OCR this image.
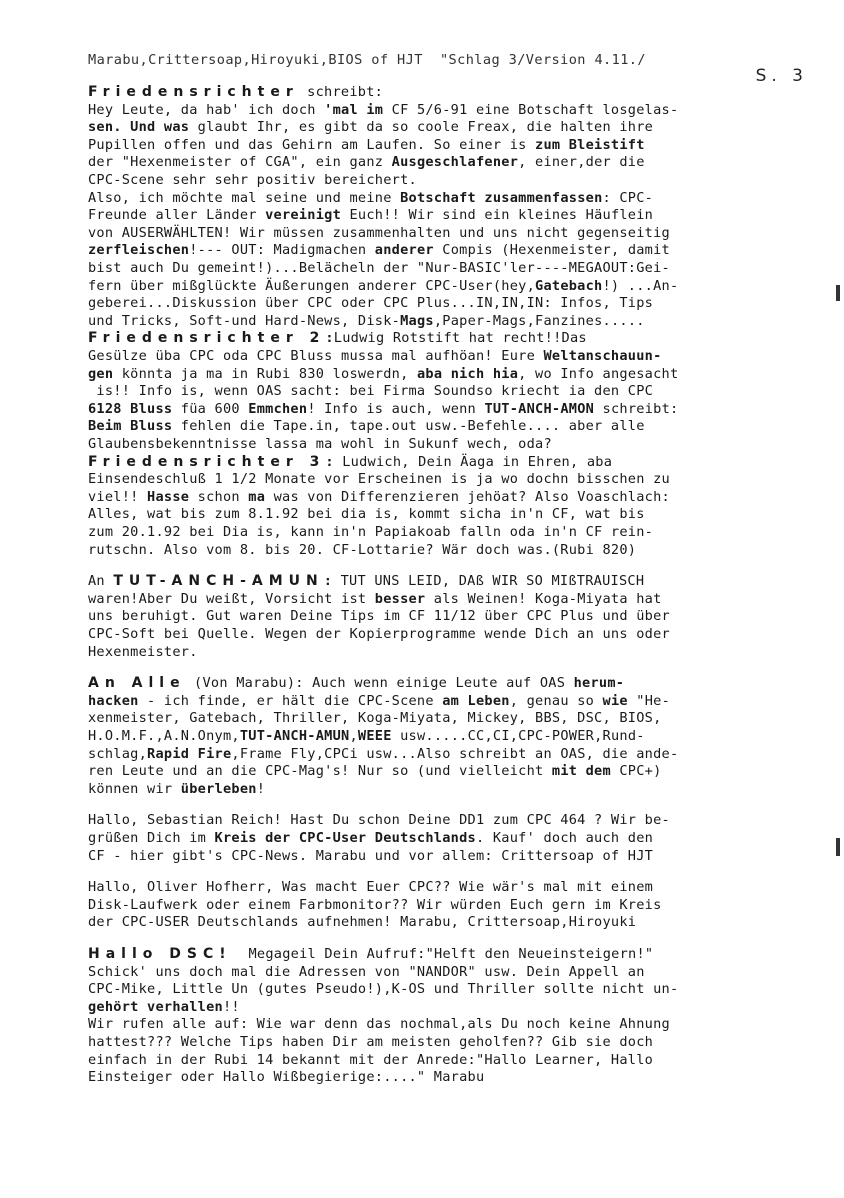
Marabu,Crittersoap,Hiroyuki,BIOS of HJT  "Schlag 3/Version 4.11./
S. 3
Friedensrichter schreibt:
Hey Leute, da hab' ich doch 'mal im CF 5/6-91 eine Botschaft losgelas-
sen. Und was glaubt Ihr, es gibt da so coole Freax, die halten ihre
Pupillen offen und das Gehirn am Laufen. So einer is zum Bleistift
der "Hexenmeister of CGA", ein ganz Ausgeschlafener, einer,der die
CPC-Scene sehr sehr positiv bereichert.
Also, ich möchte mal seine und meine Botschaft zusammenfassen: CPC-
Freunde aller Länder vereinigt Euch!! Wir sind ein kleines Häuflein
von AUSERWÄHLTEN! Wir müssen zusammenhalten und uns nicht gegenseitig
zerfleischen!--- OUT: Madigmachen anderer Compis (Hexenmeister, damit
bist auch Du gemeint!)...Belächeln der "Nur-BASIC'ler----MEGAOUT:Gei-
fern über mißglückte Äußerungen anderer CPC-User(hey,Gatebach!) ...An-
geberei...Diskussion über CPC oder CPC Plus...IN,IN,IN: Infos, Tips
und Tricks, Soft-und Hard-News, Disk-Mags,Paper-Mags,Fanzines.....
Friedensrichter 2:Ludwig Rotstift hat recht!!Das
Gesülze üba CPC oda CPC Bluss mussa mal aufhöan! Eure Weltanschauun-
gen könnta ja ma in Rubi 830 loswerdn, aba nich hia, wo Info angesacht
is!! Info is, wenn OAS sacht: bei Firma Soundso kriecht ia den CPC
6128 Bluss füa 600 Emmchen! Info is auch, wenn TUT-ANCH-AMON schreibt:
Beim Bluss fehlen die Tape.in, tape.out usw.-Befehle.... aber alle
Glaubensbekenntnisse lassa ma wohl in Sukunf wech, oda?
Friedensrichter 3: Ludwich, Dein Äaga in Ehren, aba
Einsendeschluß 1 1/2 Monate vor Erscheinen is ja wo dochn bisschen zu
viel!! Hasse schon ma was von Differenzieren jehöat? Also Voaschlach:
Alles, wat bis zum 8.1.92 bei dia is, kommt sicha in'n CF, wat bis
zum 20.1.92 bei Dia is, kann in'n Papiakoab falln oda in'n CF rein-
rutschn. Also vom 8. bis 20. CF-Lottarie? Wär doch was.(Rubi 820)
An TUT-ANCH-AMUN: TUT UNS LEID, DAß WIR SO MIßTRAUISCH
waren!Aber Du weißt, Vorsicht ist besser als Weinen! Koga-Miyata hat
uns beruhigt. Gut waren Deine Tips im CF 11/12 über CPC Plus und über
CPC-Soft bei Quelle. Wegen der Kopierprogramme wende Dich an uns oder
Hexenmeister.
An Alle (Von Marabu): Auch wenn einige Leute auf OAS herum-
hacken - ich finde, er hält die CPC-Scene am Leben, genau so wie "He-
xenmeister, Gatebach, Thriller, Koga-Miyata, Mickey, BBS, DSC, BIOS,
H.O.M.F.,A.N.Onym,TUT-ANCH-AMUN,WEEE usw.....CC,CI,CPC-POWER,Rund-
schlag,Rapid Fire,Frame Fly,CPCi usw...Also schreibt an OAS, die ande-
ren Leute und an die CPC-Mag's! Nur so (und vielleicht mit dem CPC+)
können wir überleben!
Hallo, Sebastian Reich! Hast Du schon Deine DD1 zum CPC 464 ? Wir be-
grüßen Dich im Kreis der CPC-User Deutschlands. Kauf' doch auch den
CF - hier gibt's CPC-News. Marabu und vor allem: Crittersoap of HJT
Hallo, Oliver Hofherr, Was macht Euer CPC?? Wie wär's mal mit einem
Disk-Laufwerk oder einem Farbmonitor?? Wir würden Euch gern im Kreis
der CPC-USER Deutschlands aufnehmen! Marabu, Crittersoap,Hiroyuki
Hallo DSC!  Megageil Dein Aufruf:"Helft den Neueinsteigern!"
Schick' uns doch mal die Adressen von "NANDOR" usw. Dein Appell an
CPC-Mike, Little Un (gutes Pseudo!),K-OS und Thriller sollte nicht un-
gehört verhallen!!
Wir rufen alle auf: Wie war denn das nochmal,als Du noch keine Ahnung
hattest??? Welche Tips haben Dir am meisten geholfen?? Gib sie doch
einfach in der Rubi 14 bekannt mit der Anrede:"Hallo Learner, Hallo
Einsteiger oder Hallo Wißbegierige:...." Marabu
